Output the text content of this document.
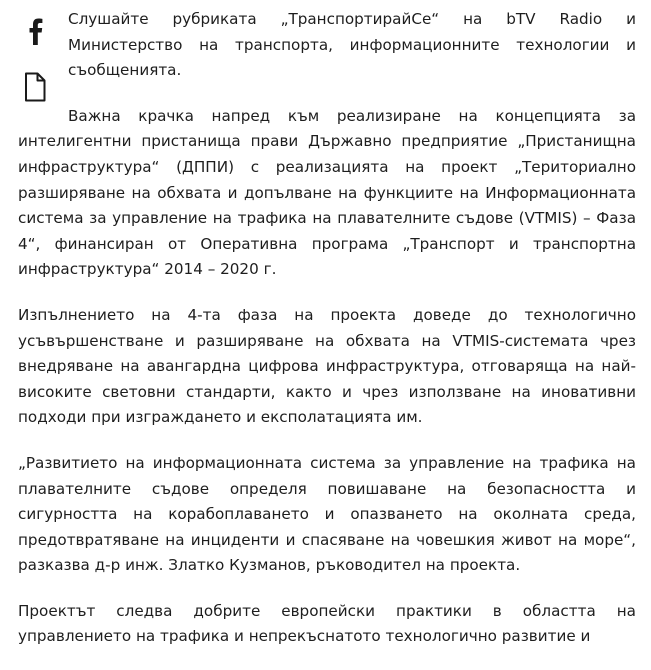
Слушайте рубриката „ТранспортирайСе“ на bTV Radio и Министерство на транспорта, информационните технологии и съобщенията.

Важна крачка напред към реализиране на концепцията за интелигентни пристанища прави Държавно предприятие „Пристанищна инфраструктура“ (ДППИ) с реализацията на проект „Териториално разширяване на обхвата и допълване на функциите на Информационната система за управление на трафика на плавателните съдове (VTMIS) – Фаза 4“, финансиран от Оперативна програма „Транспорт и транспортна инфраструктура“ 2014 – 2020 г.

Изпълнението на 4-та фаза на проекта доведе до технологично усъвършенстване и разширяване на обхвата на VTMIS-системата чрез внедряване на авангардна цифрова инфраструктура, отговаряща на най-високите световни стандарти, както и чрез използване на иновативни подходи при изграждането и експолатацията им.

„Развитието на информационната система за управление на трафика на плавателните съдове определя повишаване на безопасността и сигурността на корабоплаването и опазването на околната среда, предотвратяване на инциденти и спасяване на човешкия живот на море“, разказва д-р инж. Златко Кузманов, ръководител на проекта.

Проектът следва добрите европейски практики в областта на управлението на трафика и непрекъснатото технологично развитие и
